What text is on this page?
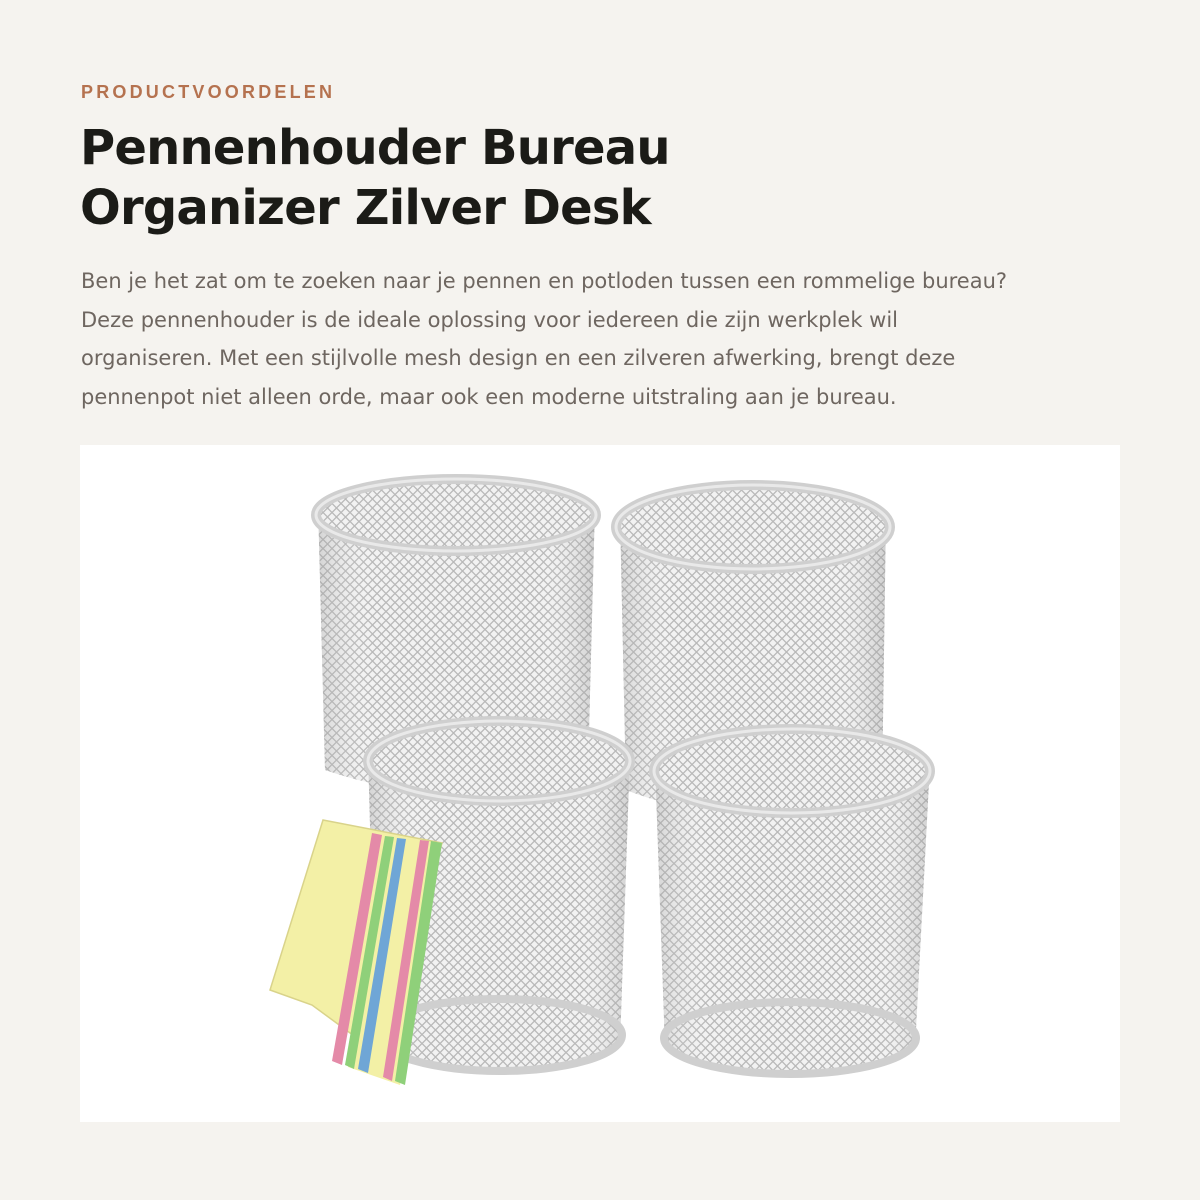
PRODUCTVOORDELEN

Pennenhouder Bureau
Organizer Zilver Desk

Ben je het zat om te zoeken naar je pennen en potloden tussen een rommelige bureau?
Deze pennenhouder is de ideale oplossing voor iedereen die zijn werkplek wil
organiseren. Met een stijlvolle mesh design en een zilveren afwerking, brengt deze
pennenpot niet alleen orde, maar ook een moderne uitstraling aan je bureau.
